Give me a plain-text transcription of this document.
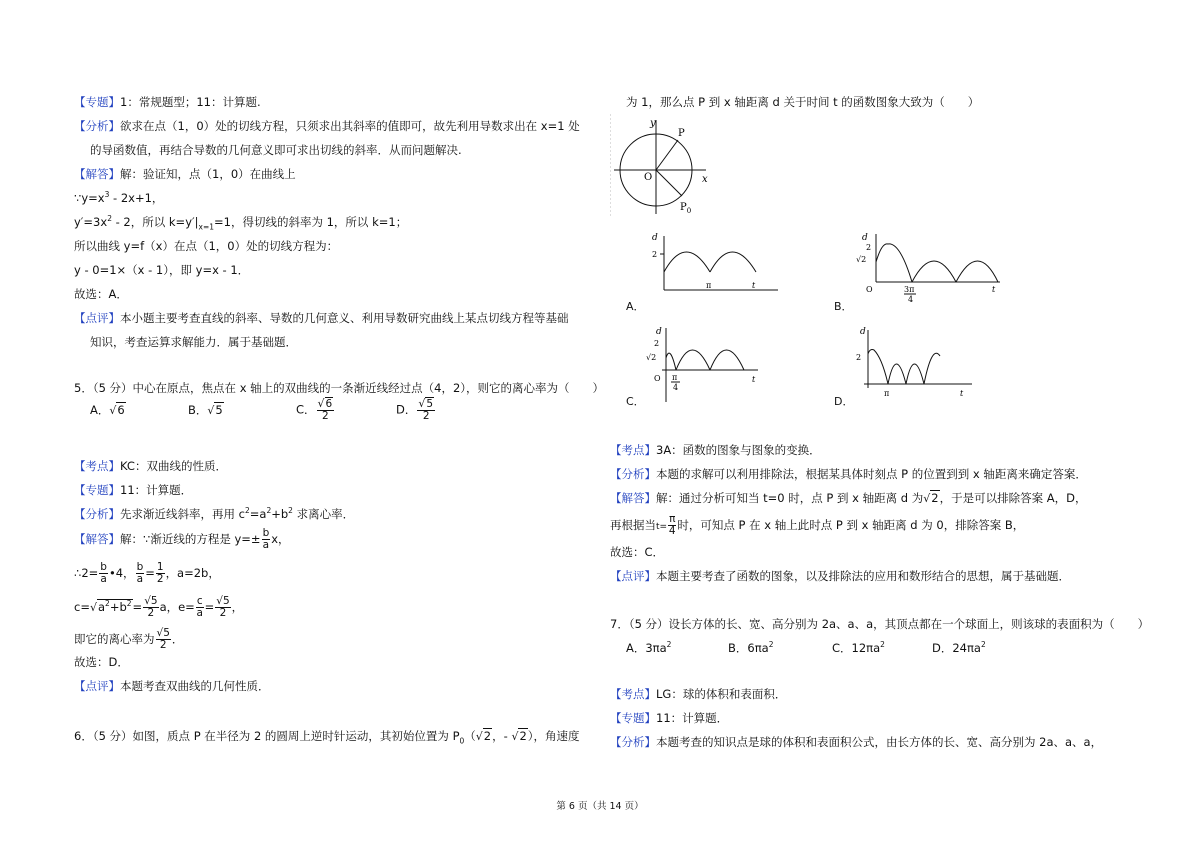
【专题】1：常规题型；11：计算题.
【分析】欲求在点（1，0）处的切线方程，只须求出其斜率的值即可，故先利用导数求出在 x=1 处
的导函数值，再结合导数的几何意义即可求出切线的斜率．从而问题解决.
【解答】解：验证知，点（1，0）在曲线上
$\because y=x^3 - 2x+1$，
$y'=3x^2 - 2$，所以 $k=y'|_{x=1}=1$，得切线的斜率为 1，所以 k=1；
所以曲线 y=f（x）在点（1，0）处的切线方程为：
y - 0=1×（x - 1），即 y=x - 1．
故选：A．
【点评】本小题主要考查直线的斜率、导数的几何意义、利用导数研究曲线上某点切线方程等基础
知识，考查运算求解能力．属于基础题．
5．（5 分）中心在原点，焦点在 x 轴上的双曲线的一条渐近线经过点（4，2），则它的离心率为（　　）
A．√6	B．√5	C． $\frac{√6}{2}$	D． $\frac{√5}{2}$
【考点】KC：双曲线的性质．
【专题】11：计算题．
【分析】先求渐近线斜率，再用 $c^2=a^2+b^2$ 求离心率．
【解答】解：∵渐近线的方程是 $y=\pm \frac{b}{a}$ x，
∴2= $\frac{b}{a}$ •4， $\frac{b}{a} = \frac{1}{2}$ ，a=2b，
$c=√a^2+b^2= \frac{√5}{2}$ a，$e= \frac{c}{a} = \frac{√5}{2}$ ，
即它的离心率为 $\frac{√5}{2}$ ．
故选：D．
【点评】本题考查双曲线的几何性质．
6．（5 分）如图，质点 P 在半径为 2 的圆周上逆时针运动，其初始位置为 $P_0(√2$，- √2），角速度
为 1，那么点 P 到 x 轴距离 d 关于时间 t 的函数图象大致为（　　）
y
x
P
O
$P_0$
d
2
π	t
A．
d
2
√2
O	3π
4
t
B．
d
2
√2
O π
4
t
C．
d
2
π	t
D．
【考点】3A：函数的图象与图象的变换．
【分析】本题的求解可以利用排除法，根据某具体时刻点 P 的位置到到 x 轴距离来确定答案．
【解答】解：通过分析可知当 t=0 时，点 P 到 x 轴距离 d 为√2，于是可以排除答案 A，D，
再根据当$t= \frac{\pi}{4}$ 时，可知点 P 在 x 轴上此时点 P 到 x 轴距离 d 为 0，排除答案 B，
故选：C．
【点评】本题主要考查了函数的图象，以及排除法的应用和数形结合的思想，属于基础题．
7．（5 分）设长方体的长、宽、高分别为 2a、a、a，其顶点都在一个球面上，则该球的表面积为（　　）
A．$3\pi a^2$	B．$6\pi a^2$	C．$12\pi a^2$	D．$24\pi a^2$
【考点】LG：球的体积和表面积．
【专题】11：计算题．
【分析】本题考查的知识点是球的体积和表面积公式，由长方体的长、宽、高分别为 2a、a、a，
第 6 页（共 14 页）
